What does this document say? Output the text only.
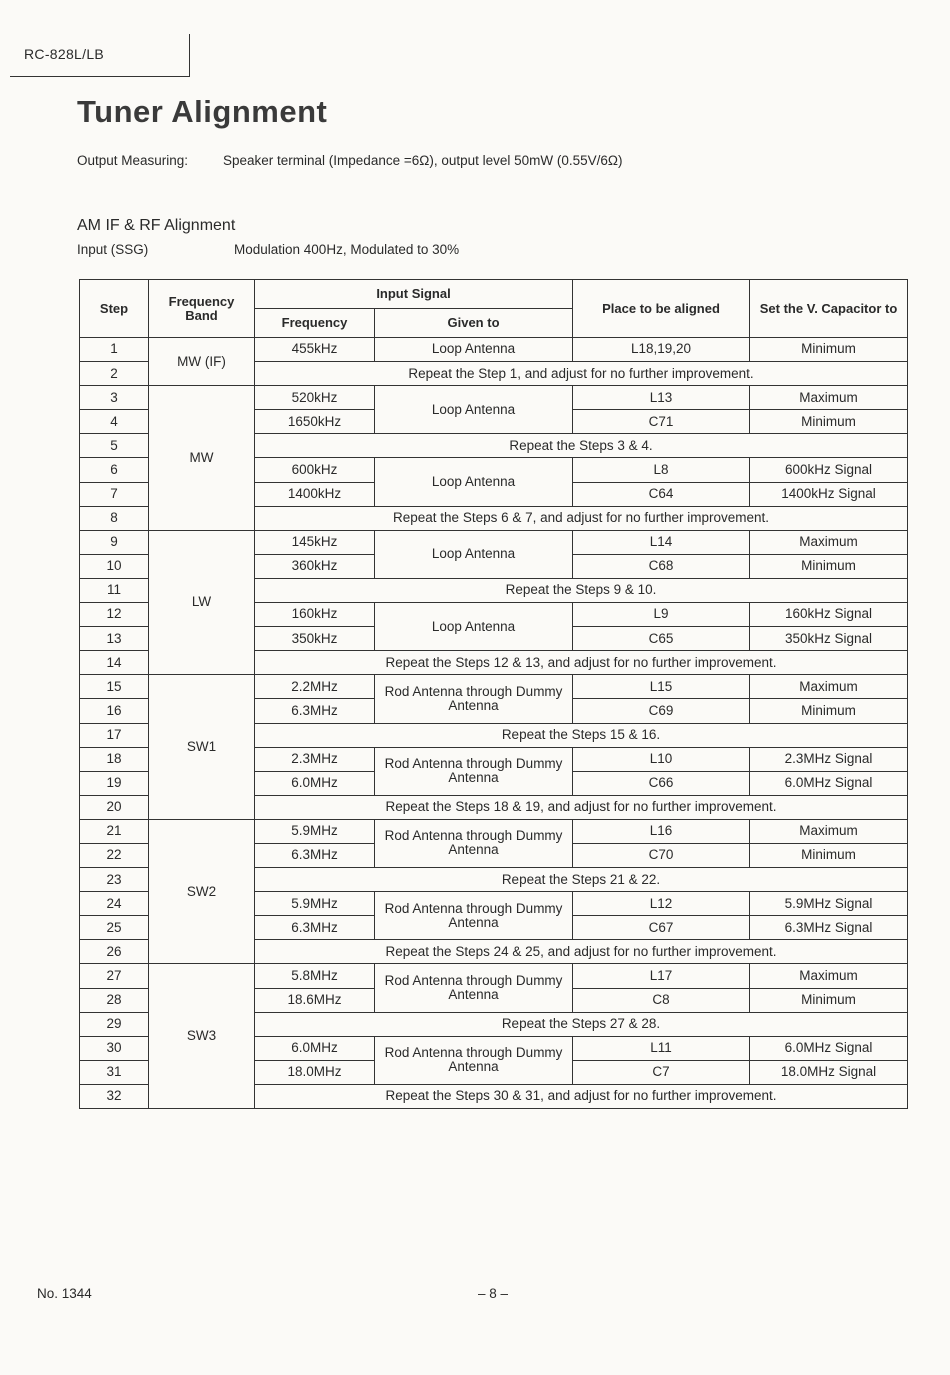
RC-828L/LB
Tuner Alignment
Output Measuring:	Speaker terminal (Impedance =6Ω), output level 50mW (0.55V/6Ω)
AM IF & RF Alignment
Input (SSG)	Modulation 400Hz, Modulated to 30%
Step	Frequency Band	Input Signal		Place to be aligned	Set the V. Capacitor to
		Frequency	Given to		
1	MW (IF)	455kHz	Loop Antenna	L18,19,20	Minimum
2		Repeat the Step 1, and adjust for no further improvement.			
3	MW	520kHz	Loop Antenna	L13	Maximum
4		1650kHz		C71	Minimum
5		Repeat the Steps 3 & 4.			
6		600kHz	Loop Antenna	L8	600kHz Signal
7		1400kHz		C64	1400kHz Signal
8		Repeat the Steps 6 & 7, and adjust for no further improvement.			
9	LW	145kHz	Loop Antenna	L14	Maximum
10		360kHz		C68	Minimum
11		Repeat the Steps 9 & 10.			
12		160kHz	Loop Antenna	L9	160kHz Signal
13		350kHz		C65	350kHz Signal
14		Repeat the Steps 12 & 13, and adjust for no further improvement.			
15	SW1	2.2MHz	Rod Antenna through Dummy Antenna	L15	Maximum
16		6.3MHz		C69	Minimum
17		Repeat the Steps 15 & 16.			
18		2.3MHz	Rod Antenna through Dummy Antenna	L10	2.3MHz Signal
19		6.0MHz		C66	6.0MHz Signal
20		Repeat the Steps 18 & 19, and adjust for no further improvement.			
21	SW2	5.9MHz	Rod Antenna through Dummy Antenna	L16	Maximum
22		6.3MHz		C70	Minimum
23		Repeat the Steps 21 & 22.			
24		5.9MHz	Rod Antenna through Dummy Antenna	L12	5.9MHz Signal
25		6.3MHz		C67	6.3MHz Signal
26		Repeat the Steps 24 & 25, and adjust for no further improvement.			
27	SW3	5.8MHz	Rod Antenna through Dummy Antenna	L17	Maximum
28		18.6MHz		C8	Minimum
29		Repeat the Steps 27 & 28.			
30		6.0MHz	Rod Antenna through Dummy Antenna	L11	6.0MHz Signal
31		18.0MHz		C7	18.0MHz Signal
32		Repeat the Steps 30 & 31, and adjust for no further improvement.			
No. 1344	– 8 –
